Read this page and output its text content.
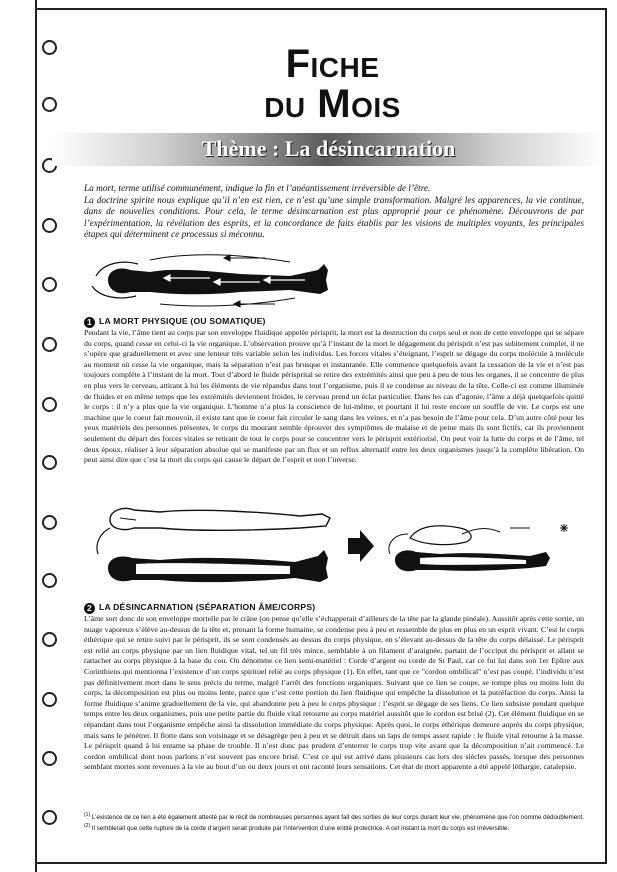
Fiche
du Mois
Thème : La désincarnation

La mort, terme utilisé communément, indique la fin et l’anéantissement irréversible de l’être.

La doctrine spirite nous explique qu’il n’en est rien, ce n’est qu’une simple transformation. Malgré les apparences, la vie continue, dans de nouvelles conditions. Pour cela, le terme désincarnation est plus approprié pour ce phénomène. Découvrons de par l’expérimentation, la révélation des esprits, et la concordance de faits établis par les visions de multiples voyants, les principales étapes qui déterminent ce processus si méconnu.

1 LA MORT PHYSIQUE (OU SOMATIQUE)

Pendant la vie, l’âme tient au corps par son enveloppe fluidique appelée périsprit, la mort est la destruction du corps seul et non de cette enveloppe qui se sépare du corps, quand cesse en celui-ci la vie organique. L’observation prouve qu’à l’instant de la mort le dégagement du périsprit n’est pas subitement complet, il ne s’opère que graduellement et avec une lenteur très variable selon les individus. Les forces vitales s’éteignant, l’esprit se dégage du corps molécule à molécule au moment où cesse la vie organique, mais la séparation n’est pas brusque et instantanée. Elle commence quelquefois avant la cessation de la vie et n’est pas toujours complète à l’instant de la mort. Tout d’abord le fluide périsprital se retire des extrémités ainsi que peu à peu de tous les organes, il se concentre de plus en plus vers le cerveau, attirant à lui les éléments de vie répandus dans tout l’organisme, puis il se condense au niveau de la tête. Celle-ci est comme illuminée de fluides et en même temps que les extrémités deviennent froides, le cerveau prend un éclat particulier. Dans les cas d’agonie, l’âme a déjà quelquefois quitté le corps : il n’y a plus que la vie organique. L’homme n’a plus la conscience de lui-même, et pourtant il lui reste encore un souffle de vie. Le corps est une machine que le coeur fait mouvoir, il existe tant que le coeur fait circuler le sang dans les veines, et n’a pas besoin de l’âme pour cela. D’un autre côté pour les yeux matériels des personnes présentes, le corps du mourant semble éprouver des symptômes de malaise et de peine mais ils sont fictifs, car ils proviennent seulement du départ des forces vitales se retirant de tout le corps pour se concentrer vers le périsprit extériorisé. On peut voir la lutte du corps et de l’âme, tel deux époux, réaliser à leur séparation absolue qui se manifeste par un flux et un reflux alternatif entre les deux organismes jusqu’à la complète libération. On peut ainsi dire que c’est la mort du corps qui cause le départ de l’esprit et non l’inverse.

2 LA DÉSINCARNATION (SÉPARATION ÂME/CORPS)

L’âme sort donc de son enveloppe mortelle par le crâne (on pense qu’elle s’échapperait d’ailleurs de la tête par la glande pinéale). Aussitôt après cette sortie, un nuage vaporeux s’élève au-dessus de la tête et, prenant la forme humaine, se condense peu à peu et ressemble de plus en plus en un esprit vivant. C’est le corps éthérique qui se retire suivi par le périsprit, ils se sont condensés au dessus du corps physique, en s’élevant au-dessus de la tête du corps délaissé. Le périsprit est relié au corps physique par un lien fluidique vital, tel un fil très mince, semblable à un filament d’araignée, partant de l’occiput du périsprit et allant se rattacher au corps physique à la base du cou. On dénomme ce lien semi-matériel : Corde d’argent ou corde de St Paul, car ce fut lui dans son 1er Epître aux Corinthiens qui mentionna l’existence d’un corps spirituel relié au corps physique (1). En effet, tant que ce "cordon ombilical" n’est pas coupé, l’individu n’est pas définitivement mort dans le sens précis du terme, malgré l’arrêt des fonctions organiques. Suivant que ce lien se coupe, se rompe plus ou moins loin du corps, la décomposition est plus ou moins lente, parce que c’est cette portion du lien fluidique qui empêche la dissolution et la putréfaction du corps. Ainsi la forme fluidique s’anime graduellement de la vie, qui abandonne peu à peu le corps physique : l’esprit se dégage de ses liens. Ce lien subsiste pendant quelque temps entre les deux organismes, puis une petite partie du fluide vital retourne au corps matériel aussitôt que le cordon est brisé (2). Cet élément fluidique en se répandant dans tout l’organisme empêche ainsi la dissolution immédiate du corps physique. Après quoi, le corps éthérique demeure auprès du corps physique, mais sans le pénétrer. Il flotte dans son voisinage et se désagrège peu à peu et se détruit dans un laps de temps assez rapide : le fluide vital retourne à la masse. Le périsprit quand à lui entame sa phase de trouble. Il n’est donc pas prudent d’enterrer le corps trop vite avant que la décomposition n’ait commencé. Le cordon ombilical dont nous parlons n’est souvent pas encore brisé. C’est ce qui est arrivé dans plusieurs cas lors des siècles passés, lorsque des personnes semblant mortes sont revenues à la vie au bout d’un ou deux jours et ont raconté leurs sensations. Cet état de mort apparente a été appelé léthargie, catalepsie.

$^{(1)}$ L’existence de ce lien a été également attesté par le récit de nombreuses personnes ayant fait des sorties de leur corps durant leur vie, phénomène que l’on nomme dédoublement.
$^{(2)}$ Il semblerait que cette rupture de la corde d’argent serait produite par l’intervention d’une entité protectrice. A cet instant la mort du corps est irréversible.
